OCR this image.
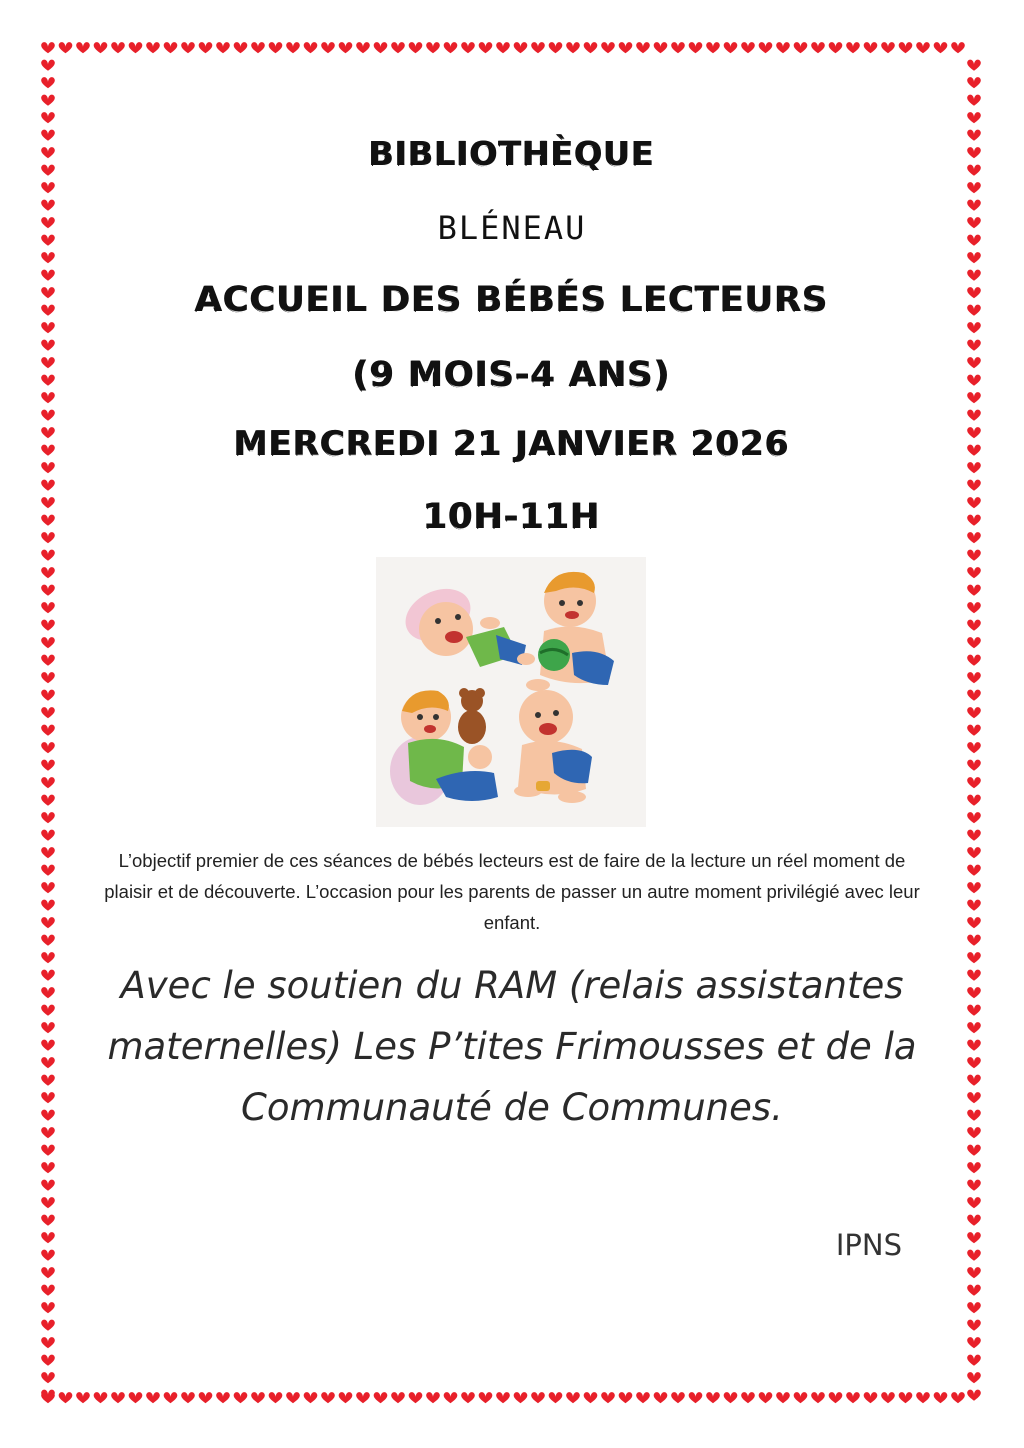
BIBLIOTHÈQUE
BLÉNEAU
ACCUEIL DES BÉBÉS LECTEURS
(9 MOIS-4 ANS)
MERCREDI 21 JANVIER 2026
10H-11H

L’objectif premier de ces séances de bébés lecteurs est de faire de la lecture un réel moment de plaisir et de découverte. L’occasion pour les parents de passer un autre moment privilégié avec leur enfant.

Avec le soutien du RAM (relais assistantes maternelles) Les P’tites Frimousses et de la Communauté de Communes.

IPNS
